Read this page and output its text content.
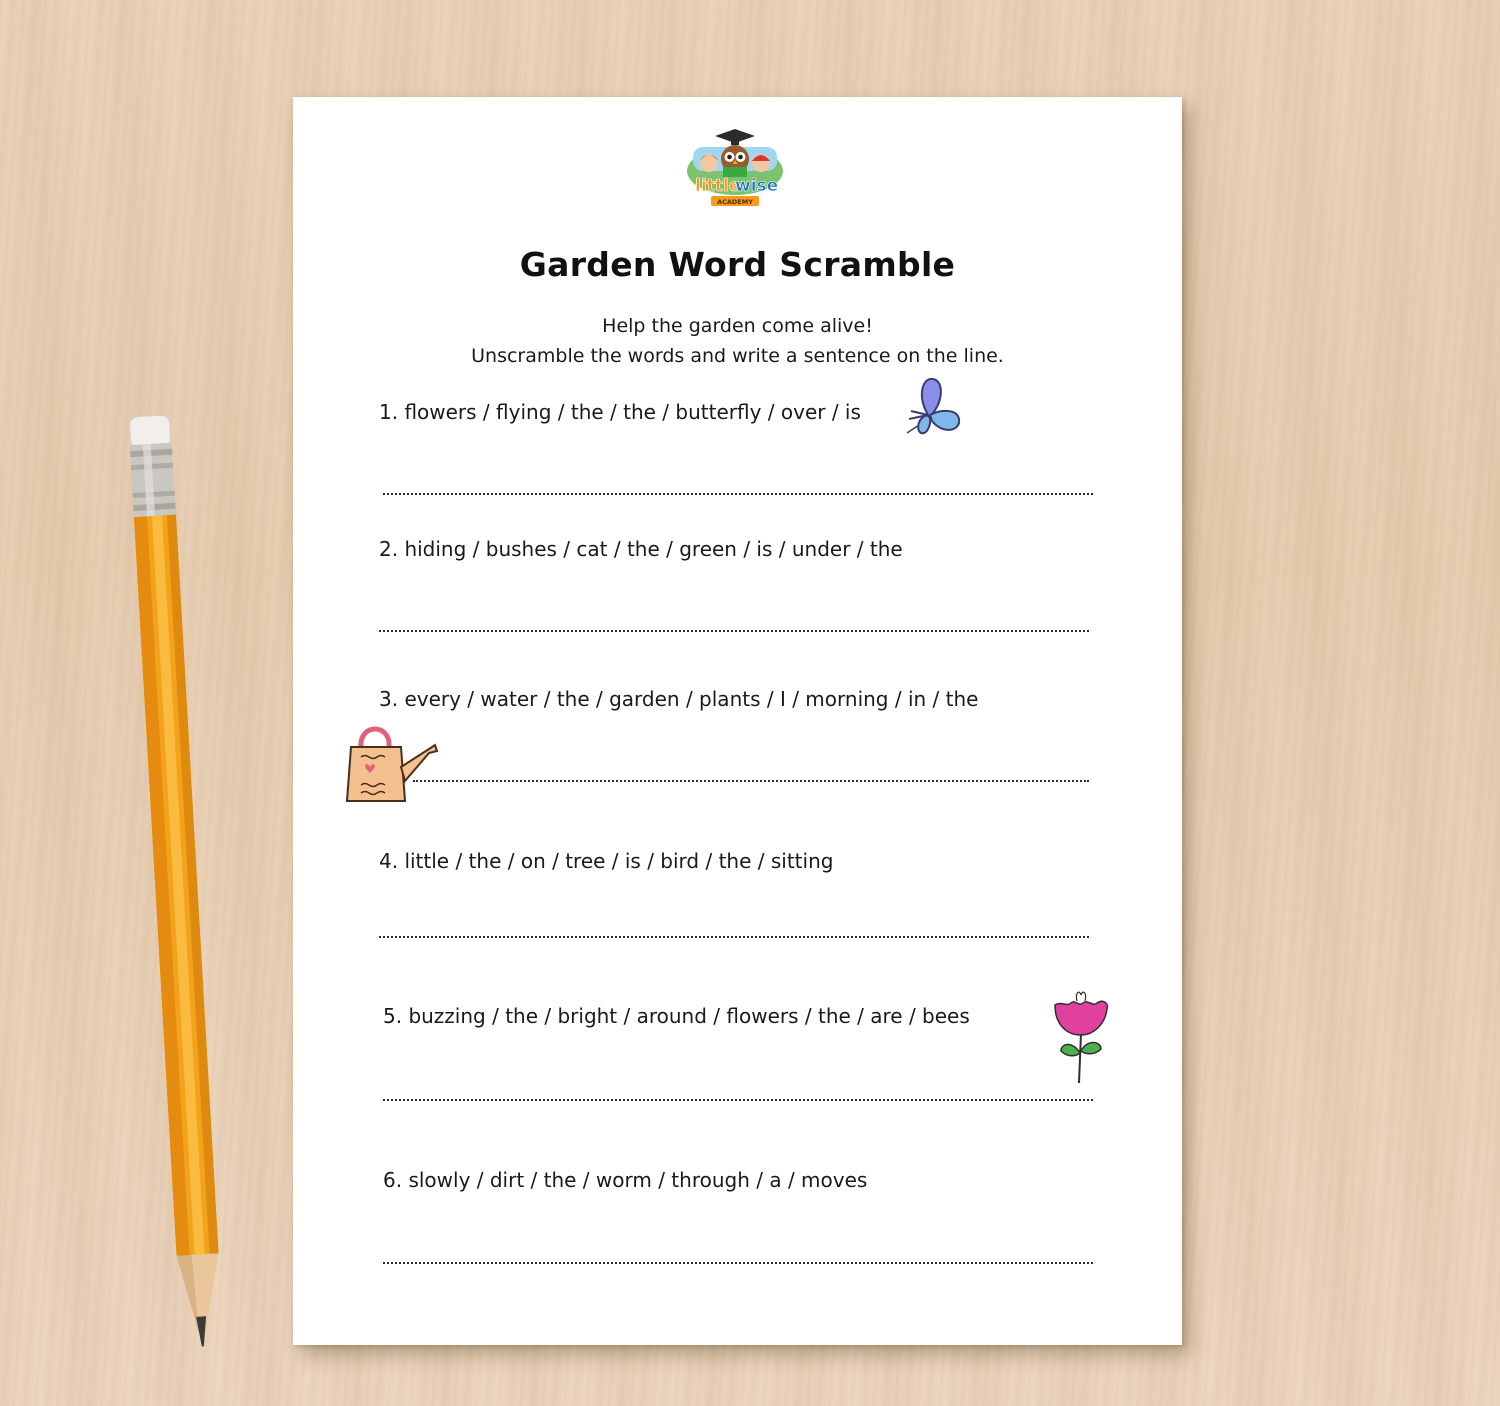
little
wise
ACADEMY
Garden Word Scramble
Help the garden come alive!
Unscramble the words and write a sentence on the line.
1. flowers / flying / the / the / butterfly / over / is
2. hiding / bushes / cat / the / green / is / under / the
3. every / water / the / garden / plants / I / morning / in / the
4. little / the / on / tree / is / bird / the / sitting
5. buzzing / the / bright / around / flowers / the / are / bees
6. slowly / dirt / the / worm / through / a / moves
